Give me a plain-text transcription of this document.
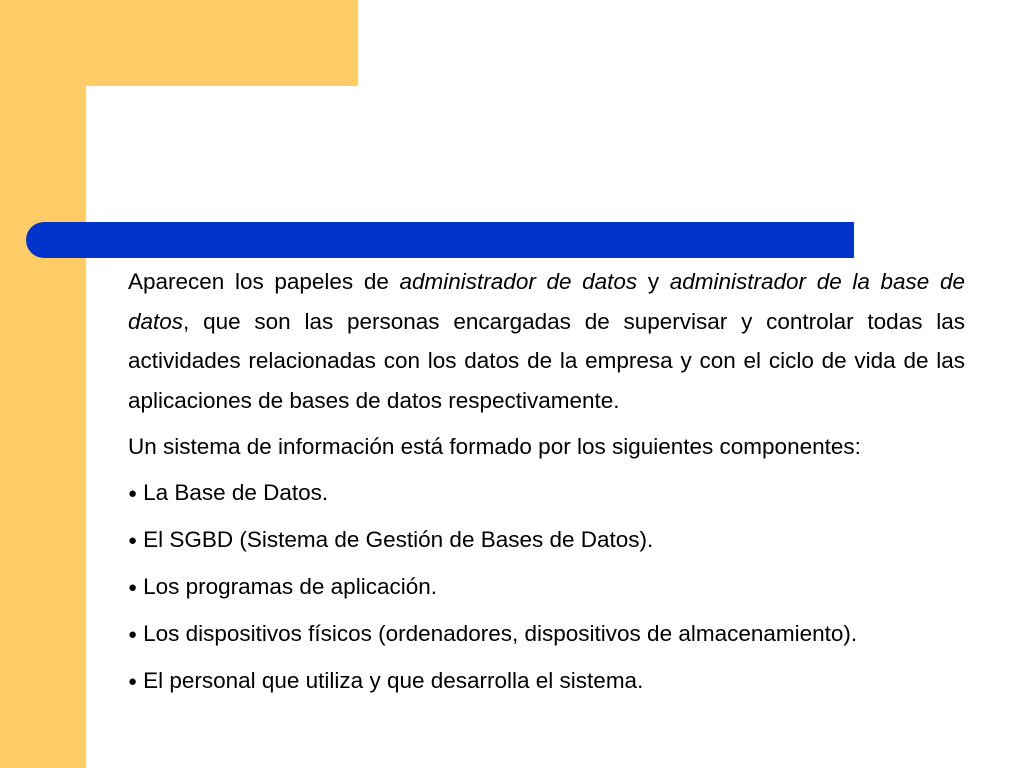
Aparecen los papeles de administrador de datos y administrador de la base de datos, que son las personas encargadas de supervisar y controlar todas las actividades relacionadas con los datos de la empresa y con el ciclo de vida de las aplicaciones de bases de datos respectivamente.

Un sistema de información está formado por los siguientes componentes:

● La Base de Datos.

● El SGBD (Sistema de Gestión de Bases de Datos).

● Los programas de aplicación.

● Los dispositivos físicos (ordenadores, dispositivos de almacenamiento).

● El personal que utiliza y que desarrolla el sistema.
